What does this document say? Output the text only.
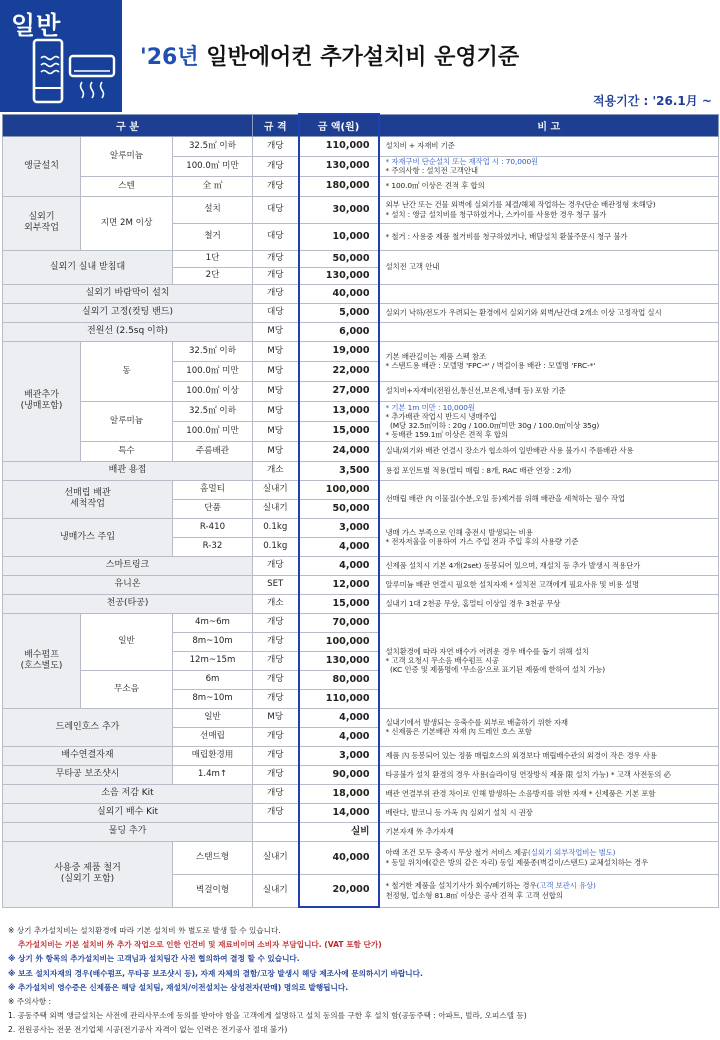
일반
'26년 일반에어컨 추가설치비 운영기준
적용기간 : '26.1月 ~
구 분			규 격	금 액(원)	비 고
앵글설치	알루미늄	32.5㎡ 이하	개당	110,000	설치비 + 자재비 기준
		100.0㎡ 미만	개당	130,000	* 자재구비 단순설치 또는 재작업 시 : 70,000원
* 주의사항 : 설치전 고객안내
	스텐	全 ㎡	개당	180,000	* 100.0㎡ 이상은 견적 후 합의
실외기
외부작업	지면 2M 이상	설치	대당	30,000	외부 난간 또는 건물 외벽에 실외기를 체결/해체 작업하는 경우(단순 배관정형 未해당)
* 설치 : 앵글 설치비를 청구하였거나, 스카이를 사용한 경우 청구 불가
		철거	대당	10,000	* 철거 : 사용중 제품 철거비를 청구하였거나, 배달설치 환불주문시 청구 불가
실외기 실내 받침대		1단	개당	50,000	설치전 고객 안내
		2단	개당	130,000	
실외기 바람막이 설치			개당	40,000	
실외기 고정(컷팅 밴드)			대당	5,000	실외기 낙하/전도가 우려되는 환경에서 실외기와 외벽/난간대 2개소 이상 고정작업 실시
전원선 (2.5sq 이하)			M당	6,000	
배관추가
(냉매포함)	동	32.5㎡ 이하	M당	19,000	기본 배관길이는 제품 스펙 참조
* 스탠드용 배관 : 모델명 'FPC-*' / 벽걸이용 배관 : 모델명 'FRC-*'
		100.0㎡ 미만	M당	22,000	
		100.0㎡ 이상	M당	27,000	설치비+자재비(전원선,통신선,보온재,냉매 등) 포함 기준
	알루미늄	32.5㎡ 이하	M당	13,000	* 기본 1m 미만 : 10,000원
* 추가배관 작업시 반드시 냉매주입
(M당 32.5㎡이하 : 20g / 100.0㎡미만 30g / 100.0㎡이상 35g)
* 동배관 159.1㎡ 이상은 견적 후 합의
		100.0㎡ 미만	M당	15,000	
	특수	주름배관	M당	24,000	실내/외기와 배관 연결시 장소가 협소하여 일반배관 사용 불가시 주름배관 사용
배관 용접			개소	3,500	용접 포인트별 적용(멀티 매립 : 8개, RAC 배관 연장 : 2개)
선매립 배관
세척작업		홈멀티	실내기	100,000	선매립 배관 內 이물질(수분,오일 등)제거를 위해 배관을 세척하는 필수 작업
		단품	실내기	50,000	
냉매가스 주입		R-410	0.1kg	3,000	냉매 가스 부족으로 인해 충전시 발생되는 비용
* 전자저울을 이용하여 가스 주입 전과 주입 후의 사용량 기준
		R-32	0.1kg	4,000	
스마트링크			개당	4,000	신제품 설치시 기본 4개(2set) 동봉되어 있으며, 재설치 등 추가 발생시 적용단가
유니온			SET	12,000	알루미늄 배관 연결시 필요한 설치자재 * 설치전 고객에게 필요사유 및 비용 설명
천공(타공)			개소	15,000	실내기 1대 2천공 무상, 홈멀티 이상일 경우 3천공 무상
배수펌프
(호스별도)	일반	4m~6m	개당	70,000	설치환경에 따라 자연 배수가 어려운 경우 배수를 돕기 위해 설치
* 고객 요청시 무소음 배수펌프 시공
(KC 인증 및 제품명에 '무소음'으로 표기된 제품에 한하여 설치 가능)
		8m~10m	개당	100,000	
		12m~15m	개당	130,000	
	무소음	6m	개당	80,000	
		8m~10m	개당	110,000	
드레인호스 추가		일반	M당	4,000	실내기에서 발생되는 응축수를 외부로 배출하기 위한 자재
* 신제품은 기본배관 자재 內 드레인 호스 포함
		선매립	개당	4,000	
배수연결자재		매립환경用	개당	3,000	제품 內 동봉되어 있는 정품 매립호스의 외경보다 매립배수관의 외경이 작은 경우 사용
무타공 보조샷시		1.4m↑	개당	90,000	타공불가 설치 환경의 경우 사용(슬라이딩 연장방식 제품 限 설치 가능) * 고객 사전동의 必
소음 저감 Kit			개당	18,000	배관 연결부위 관경 차이로 인해 발생하는 소음방지를 위한 자재 * 신제품은 기본 포함
실외기 배수 Kit			개당	14,000	베란다, 발코니 등 가옥 內 실외기 설치 시 권장
물딩 추가				실비	기본자재 外 추가자재
사용중 제품 철거
(실외기 포함)		스탠드형	실내기	40,000	아래 조건 모두 충족시 무상 철거 서비스 제공(실외기 외부작업비는 별도)
* 동일 위치에(같은 방의 같은 자리) 동일 제품종(벽걸이/스탠드) 교체설치하는 경우
		벽걸이형	실내기	20,000	* 철거한 제품을 설치기사가 회수/폐기하는 경우(고객 보관시 유상)
천정형, 업소형 81.8㎡ 이상은 공사 견적 후 고객 선합의
※ 상기 추가설치비는 설치환경에 따라 기본 설치비 外 별도로 발생 할 수 있습니다.
추가설치비는 기본 설치비 外 추가 작업으로 인한 인건비 및 재료비이며 소비자 부담입니다. (VAT 포함 단가)
※ 상기 外 항목의 추가설치비는 고객님과 설치팀간 사전 협의하여 결정 할 수 있습니다.
※ 보조 설치자재의 경우(배수펌프, 무타공 보조샷시 등), 자재 자체의 결함/고장 발생시 해당 제조사에 문의하시기 바랍니다.
※ 추가설치비 영수증은 신제품은 해당 설치팀, 재설치/이전설치는 삼성전자(판매) 명의로 발행됩니다.
※ 주의사항 :
1. 공동주택 외벽 앵글설치는 사전에 관리사무소에 동의를 받아야 함을 고객에게 설명하고 설치 동의를 구한 후 설치 함(공동주택 : 아파트, 빌라, 오피스텔 등)
2. 전원공사는 전문 전기업체 시공(전기공사 자격이 없는 인력은 전기공사 절대 불가)
